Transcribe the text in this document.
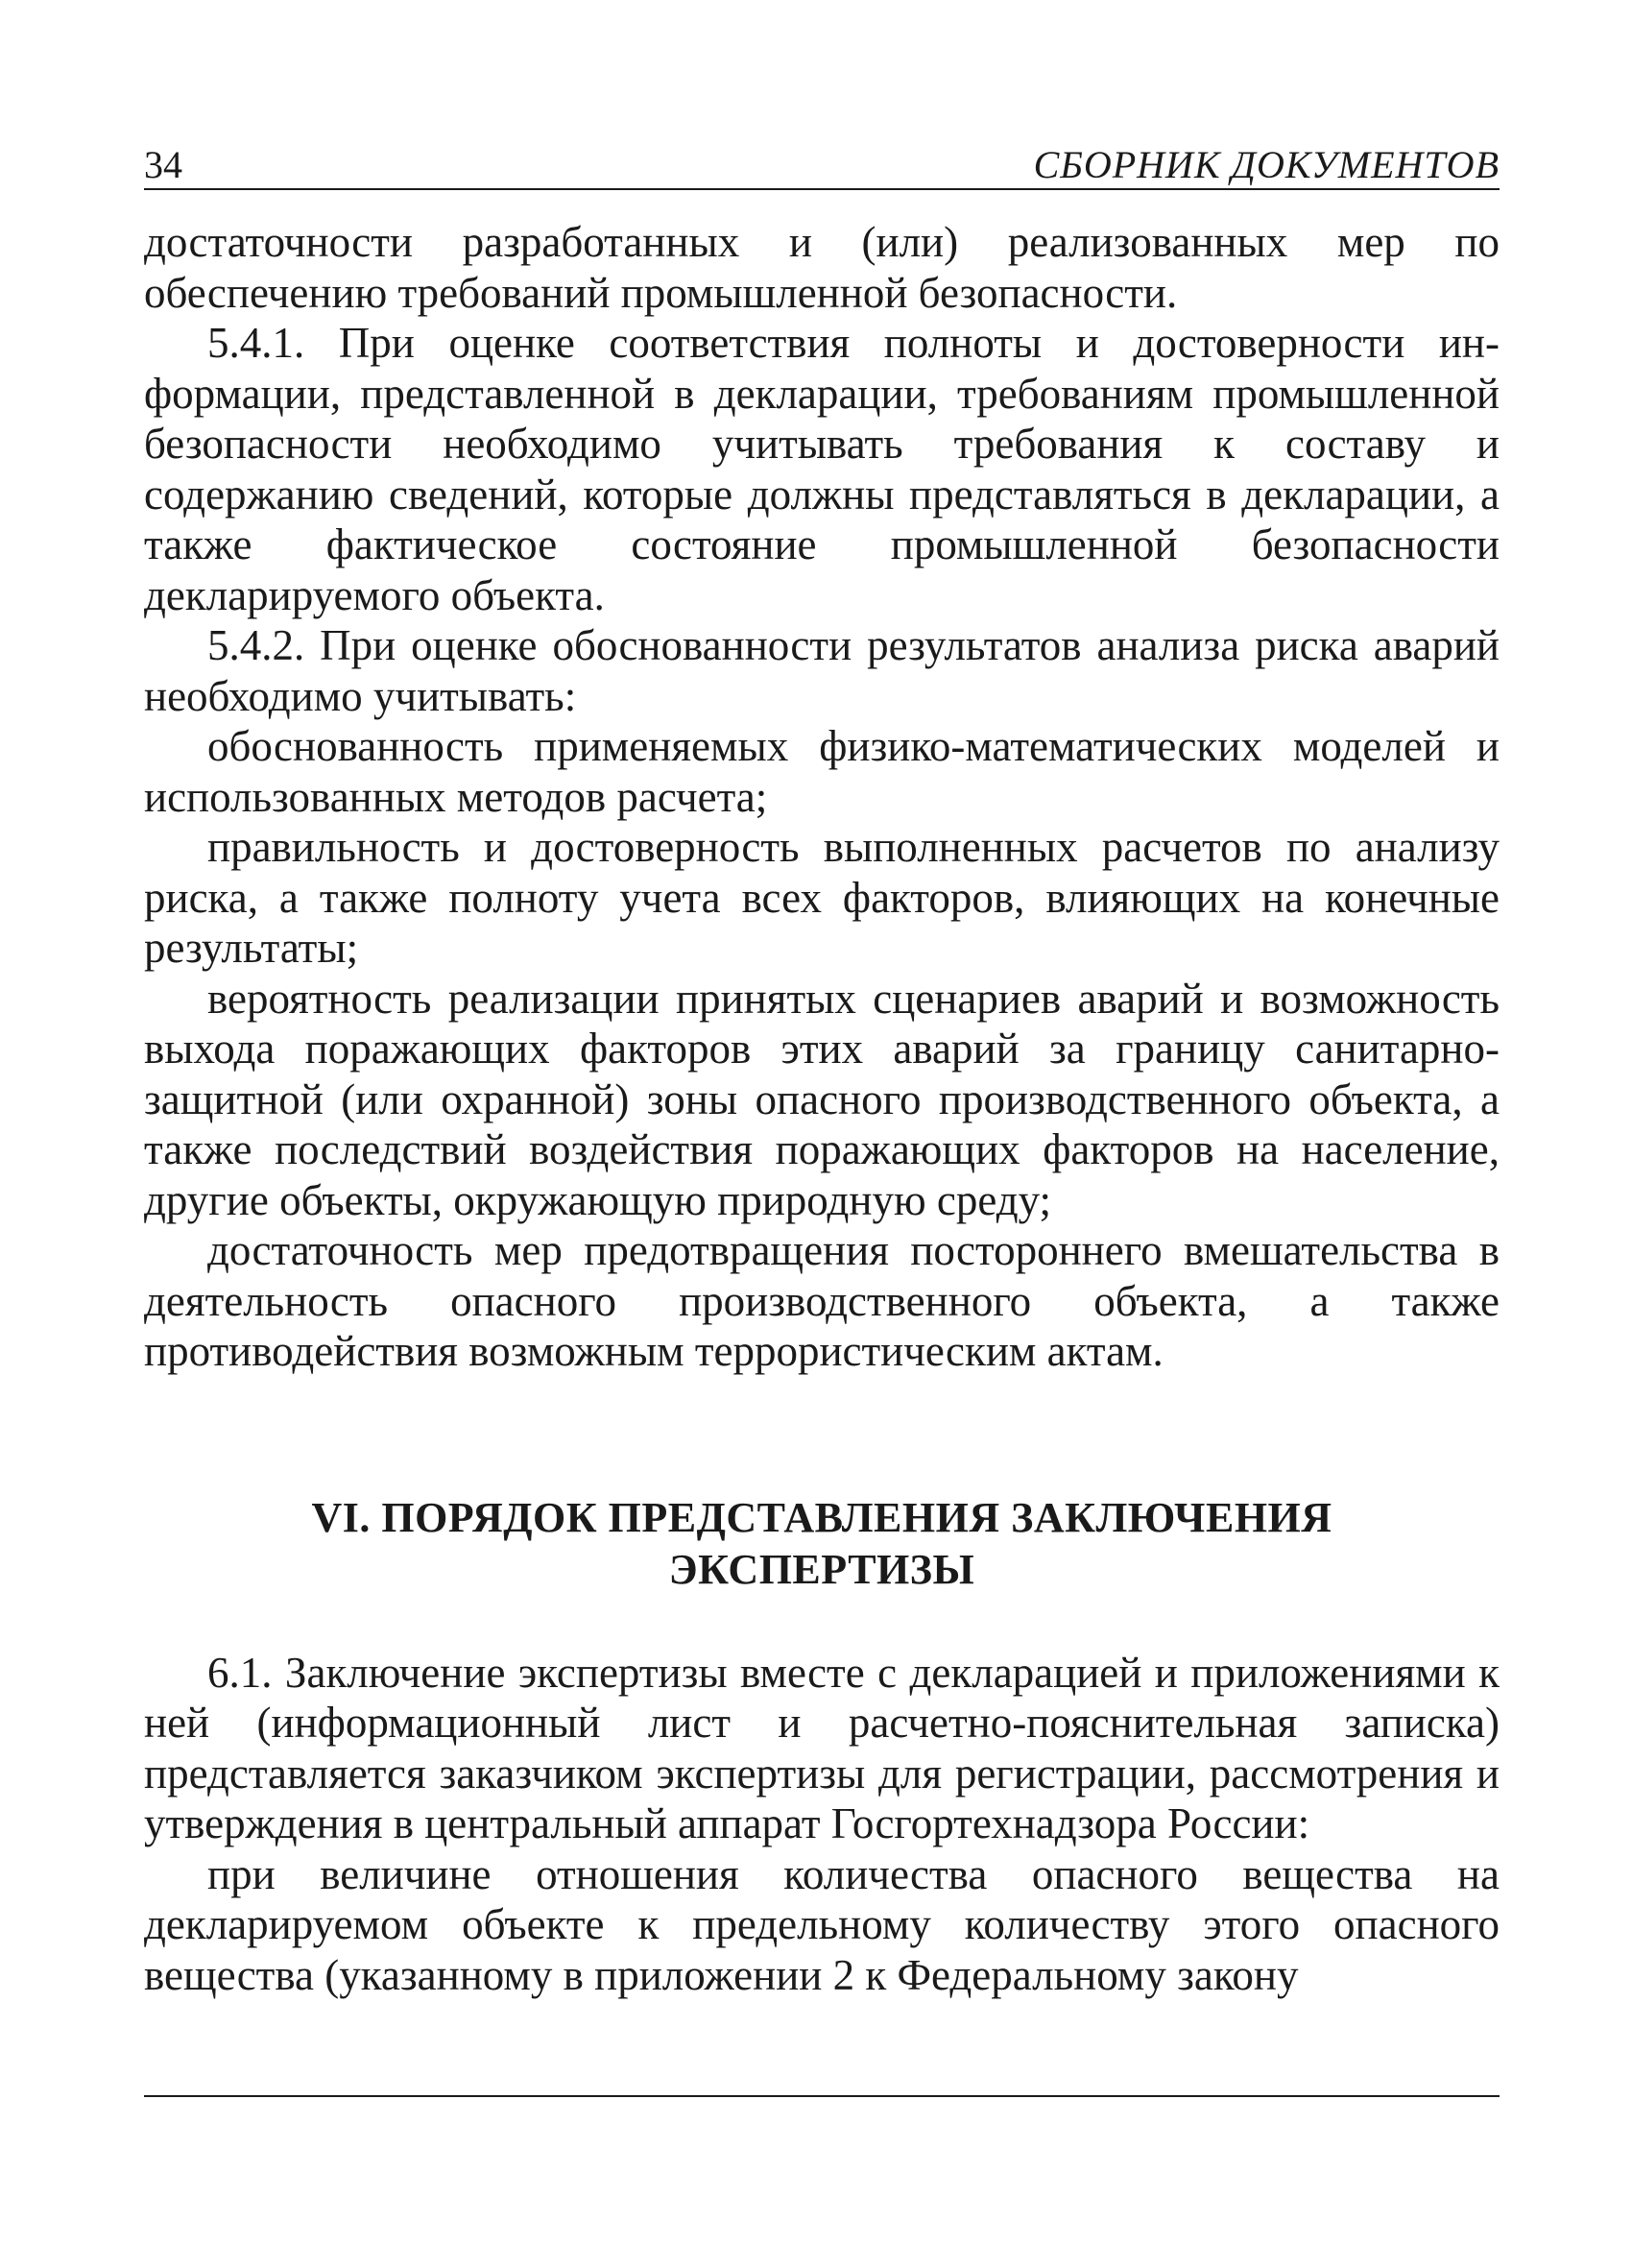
34	СБОРНИК ДОКУМЕНТОВ

достаточности разработанных и (или) реализованных мер по обеспечению требований промышленной безопасности.

5.4.1. При оценке соответствия полноты и достоверности информации, представленной в декларации, требованиям промышленной безопасности необходимо учитывать требования к составу и содержанию сведений, которые должны представляться в декларации, а также фактическое состояние промышленной безопасности декларируемого объекта.

5.4.2. При оценке обоснованности результатов анализа риска аварий необходимо учитывать:

обоснованность применяемых физико-математических моделей и использованных методов расчета;

правильность и достоверность выполненных расчетов по анализу риска, а также полноту учета всех факторов, влияющих на конечные результаты;

вероятность реализации принятых сценариев аварий и возможность выхода поражающих факторов этих аварий за границу санитарно-защитной (или охранной) зоны опасного производственного объекта, а также последствий воздействия поражающих факторов на население, другие объекты, окружающую природную среду;

достаточность мер предотвращения постороннего вмешательства в деятельность опасного производственного объекта, а также противодействия возможным террористическим актам.

VI. ПОРЯДОК ПРЕДСТАВЛЕНИЯ ЗАКЛЮЧЕНИЯ
ЭКСПЕРТИЗЫ

6.1. Заключение экспертизы вместе с декларацией и приложениями к ней (информационный лист и расчетно-пояснительная записка) представляется заказчиком экспертизы для регистрации, рассмотрения и утверждения в центральный аппарат Госгортехнадзора России:

при величине отношения количества опасного вещества на декларируемом объекте к предельному количеству этого опасного вещества (указанному в приложении 2 к Федеральному закону
